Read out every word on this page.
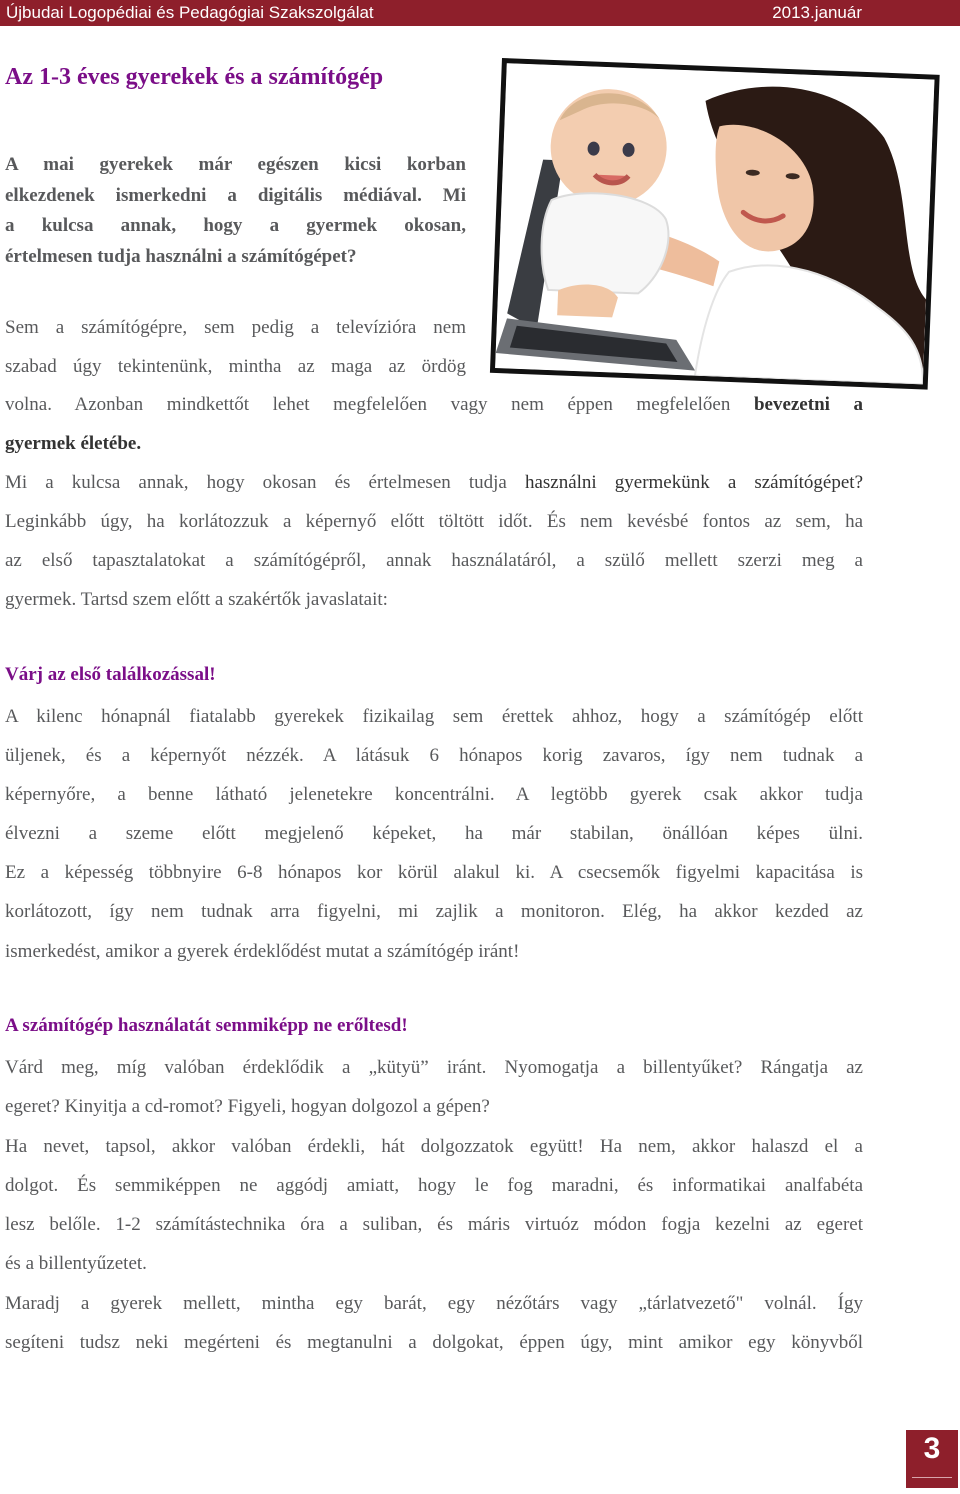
Újbudai Logopédiai és Pedagógiai Szakszolgálat	2013.január
Az 1-3 éves gyerekek és a számítógép
A mai gyerekek már egészen kicsi korban
elkezdenek ismerkedni a digitális médiával. Mi
a kulcsa annak, hogy a gyermek okosan,
értelmesen tudja használni a számítógépet?
Sem a számítógépre, sem pedig a televízióra nem
szabad úgy tekintenünk, mintha az maga az ördög
volna. Azonban mindkettőt lehet megfelelően vagy nem éppen megfelelően bevezetni a
gyermek életébe.
Mi a kulcsa annak, hogy okosan és értelmesen tudja használni gyermekünk a számítógépet?
Leginkább úgy, ha korlátozzuk a képernyő előtt töltött időt. És nem kevésbé fontos az sem, ha
az első tapasztalatokat a számítógépről, annak használatáról, a szülő mellett szerzi meg a
gyermek. Tartsd szem előtt a szakértők javaslatait:
Várj az első találkozással!
A kilenc hónapnál fiatalabb gyerekek fizikailag sem érettek ahhoz, hogy a számítógép előtt
üljenek, és a képernyőt nézzék. A látásuk 6 hónapos korig zavaros, így nem tudnak a
képernyőre, a benne látható jelenetekre koncentrálni. A legtöbb gyerek csak akkor tudja
élvezni a szeme előtt megjelenő képeket, ha már stabilan, önállóan képes ülni.
Ez a képesség többnyire 6-8 hónapos kor körül alakul ki. A csecsemők figyelmi kapacitása is
korlátozott, így nem tudnak arra figyelni, mi zajlik a monitoron. Elég, ha akkor kezded az
ismerkedést, amikor a gyerek érdeklődést mutat a számítógép iránt!
A számítógép használatát semmiképp ne erőltesd!
Várd meg, míg valóban érdeklődik a „kütyü” iránt. Nyomogatja a billentyűket? Rángatja az
egeret? Kinyitja a cd-romot? Figyeli, hogyan dolgozol a gépen?
Ha nevet, tapsol, akkor valóban érdekli, hát dolgozzatok együtt! Ha nem, akkor halaszd el a
dolgot. És semmiképpen ne aggódj amiatt, hogy le fog maradni, és informatikai analfabéta
lesz belőle. 1-2 számítástechnika óra a suliban, és máris virtuóz módon fogja kezelni az egeret
és a billentyűzetet.
Maradj a gyerek mellett, mintha egy barát, egy nézőtárs vagy „tárlatvezető" volnál. Így
segíteni tudsz neki megérteni és megtanulni a dolgokat, éppen úgy, mint amikor egy könyvből
3
